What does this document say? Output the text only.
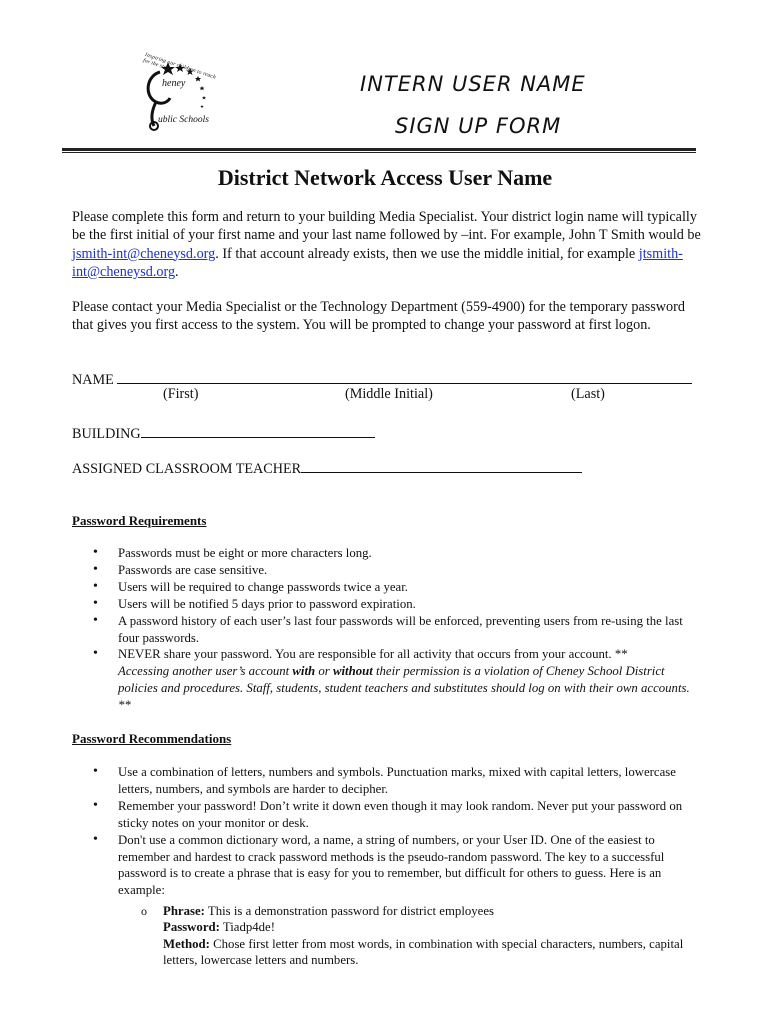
Inspiring our children to reach for the stars
heney
ublic Schools
INTERN USER NAME
SIGN UP FORM
District Network Access User Name
Please complete this form and return to your building Media Specialist. Your district login name will typically be the first initial of your first name and your last name followed by –int. For example, John T Smith would be jsmith-int@cheneysd.org. If that account already exists, then we use the middle initial, for example jtsmith-int@cheneysd.org.
Please contact your Media Specialist or the Technology Department (559-4900) for the temporary password that gives you first access to the system. You will be prompted to change your password at first logon.
NAME
(First)	(Middle Initial)	(Last)
BUILDING
ASSIGNED CLASSROOM TEACHER
Password Requirements
• Passwords must be eight or more characters long.
• Passwords are case sensitive.
• Users will be required to change passwords twice a year.
• Users will be notified 5 days prior to password expiration.
• A password history of each user’s last four passwords will be enforced, preventing users from re-using the last four passwords.
• NEVER share your password. You are responsible for all activity that occurs from your account. **
Accessing another user’s account with or without their permission is a violation of Cheney School District policies and procedures. Staff, students, student teachers and substitutes should log on with their own accounts. **
Password Recommendations
• Use a combination of letters, numbers and symbols. Punctuation marks, mixed with capital letters, lowercase letters, numbers, and symbols are harder to decipher.
• Remember your password! Don’t write it down even though it may look random. Never put your password on sticky notes on your monitor or desk.
• Don't use a common dictionary word, a name, a string of numbers, or your User ID. One of the easiest to remember and hardest to crack password methods is the pseudo-random password. The key to a successful password is to create a phrase that is easy for you to remember, but difficult for others to guess. Here is an example:
o Phrase: This is a demonstration password for district employees
Password: Tiadp4de!
Method: Chose first letter from most words, in combination with special characters, numbers, capital letters, lowercase letters and numbers.
